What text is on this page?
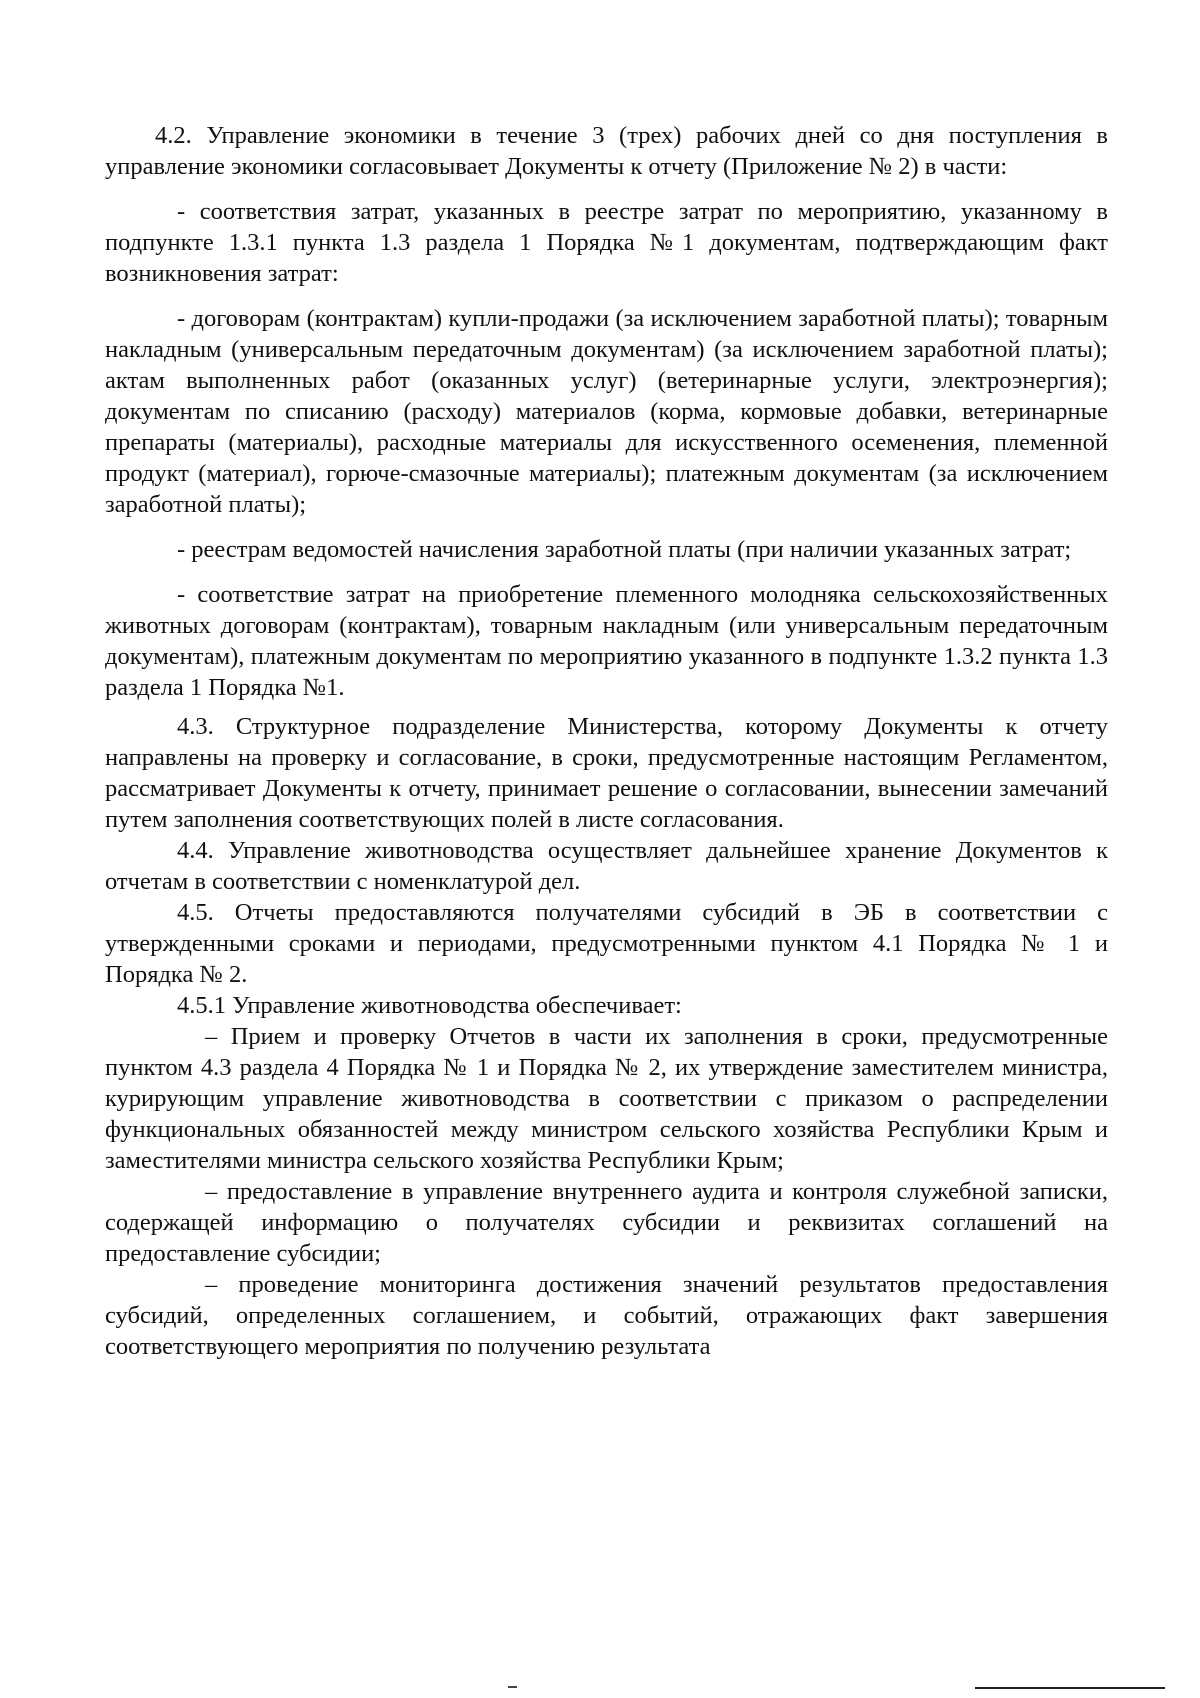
4.2. Управление экономики в течение 3 (трех) рабочих дней со дня поступления в управление экономики согласовывает Документы к отчету (Приложение № 2) в части:

- соответствия затрат, указанных в реестре затрат по мероприятию, указанному в подпункте 1.3.1 пункта 1.3 раздела 1 Порядка №1 документам, подтверждающим факт возникновения затрат:

- договорам (контрактам) купли-продажи (за исключением заработной платы); товарным накладным (универсальным передаточным документам) (за исключением заработной платы); актам выполненных работ (оказанных услуг) (ветеринарные услуги, электроэнергия); документам по списанию (расходу) материалов (корма, кормовые добавки, ветеринарные препараты (материалы), расходные материалы для искусственного осеменения, племенной продукт (материал), горюче-смазочные материалы); платежным документам (за исключением заработной платы);

- реестрам ведомостей начисления заработной платы (при наличии указанных затрат;

- соответствие затрат на приобретение племенного молодняка сельскохозяйственных животных договорам (контрактам), товарным накладным (или универсальным передаточным документам), платежным документам по мероприятию указанного в подпункте 1.3.2 пункта 1.3 раздела 1 Порядка №1.

4.3. Структурное подразделение Министерства, которому Документы к отчету направлены на проверку и согласование, в сроки, предусмотренные настоящим Регламентом, рассматривает Документы к отчету, принимает решение о согласовании, вынесении замечаний путем заполнения соответствующих полей в листе согласования.

4.4. Управление животноводства осуществляет дальнейшее хранение Документов к отчетам в соответствии с номенклатурой дел.

4.5. Отчеты предоставляются получателями субсидий в ЭБ в соответствии с утвержденными сроками и периодами, предусмотренными пунктом 4.1 Порядка № 1 и Порядка № 2.

4.5.1 Управление животноводства обеспечивает:

– Прием и проверку Отчетов в части их заполнения в сроки, предусмотренные пунктом 4.3 раздела 4 Порядка № 1 и Порядка № 2, их утверждение заместителем министра, курирующим управление животноводства в соответствии с приказом о распределении функциональных обязанностей между министром сельского хозяйства Республики Крым и заместителями министра сельского хозяйства Республики Крым;

– предоставление в управление внутреннего аудита и контроля служебной записки, содержащей информацию о получателях субсидии и реквизитах соглашений на предоставление субсидии;

– проведение мониторинга достижения значений результатов предоставления субсидий, определенных соглашением, и событий, отражающих факт завершения соответствующего мероприятия по получению результата
